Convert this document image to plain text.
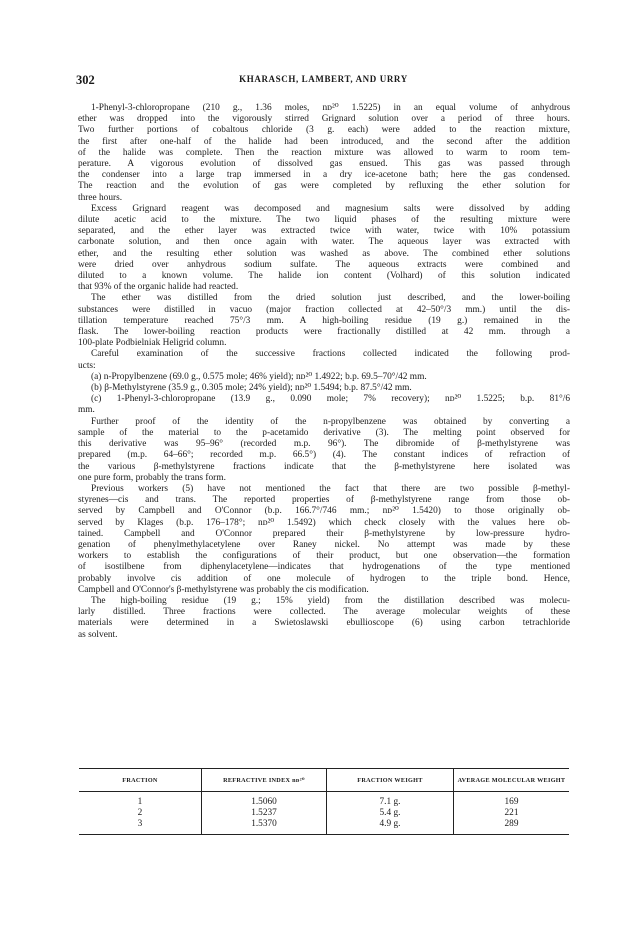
302	KHARASCH, LAMBERT, AND URRY
1-Phenyl-3-chloropropane (210 g., 1.36 moles, nᴅ²⁰ 1.5225) in an equal volume of anhydrous
ether was dropped into the vigorously stirred Grignard solution over a period of three hours.
Two further portions of cobaltous chloride (3 g. each) were added to the reaction mixture,
the first after one-half of the halide had been introduced, and the second after the addition
of the halide was complete. Then the reaction mixture was allowed to warm to room tem-
perature. A vigorous evolution of dissolved gas ensued. This gas was passed through
the condenser into a large trap immersed in a dry ice-acetone bath; here the gas condensed.
The reaction and the evolution of gas were completed by refluxing the ether solution for
three hours.
Excess Grignard reagent was decomposed and magnesium salts were dissolved by adding
dilute acetic acid to the mixture. The two liquid phases of the resulting mixture were
separated, and the ether layer was extracted twice with water, twice with 10% potassium
carbonate solution, and then once again with water. The aqueous layer was extracted with
ether, and the resulting ether solution was washed as above. The combined ether solutions
were dried over anhydrous sodium sulfate. The aqueous extracts were combined and
diluted to a known volume. The halide ion content (Volhard) of this solution indicated
that 93% of the organic halide had reacted.
The ether was distilled from the dried solution just described, and the lower-boiling
substances were distilled in vacuo (major fraction collected at 42–50°/3 mm.) until the dis-
tillation temperature reached 75°/3 mm. A high-boiling residue (19 g.) remained in the
flask. The lower-boiling reaction products were fractionally distilled at 42 mm. through a
100-plate Podbielniak Heligrid column.
Careful examination of the successive fractions collected indicated the following prod-
ucts:
(a) n-Propylbenzene (69.0 g., 0.575 mole; 46% yield); nᴅ²⁰ 1.4922; b.p. 69.5–70°/42 mm.
(b) β-Methylstyrene (35.9 g., 0.305 mole; 24% yield); nᴅ²⁰ 1.5494; b.p. 87.5°/42 mm.
(c) 1-Phenyl-3-chloropropane (13.9 g., 0.090 mole; 7% recovery); nᴅ²⁰ 1.5225; b.p. 81°/6
mm.
Further proof of the identity of the n-propylbenzene was obtained by converting a
sample of the material to the p-acetamido derivative (3). The melting point observed for
this derivative was 95–96° (recorded m.p. 96°). The dibromide of β-methylstyrene was
prepared (m.p. 64–66°; recorded m.p. 66.5°) (4). The constant indices of refraction of
the various β-methylstyrene fractions indicate that the β-methylstyrene here isolated was
one pure form, probably the trans form.
Previous workers (5) have not mentioned the fact that there are two possible β-methyl-
styrenes—cis and trans. The reported properties of β-methylstyrene range from those ob-
served by Campbell and O'Connor (b.p. 166.7°/746 mm.; nᴅ²⁰ 1.5420) to those originally ob-
served by Klages (b.p. 176–178°; nᴅ²⁰ 1.5492) which check closely with the values here ob-
tained. Campbell and O'Connor prepared their β-methylstyrene by low-pressure hydro-
genation of phenylmethylacetylene over Raney nickel. No attempt was made by these
workers to establish the configurations of their product, but one observation—the formation
of isostilbene from diphenylacetylene—indicates that hydrogenations of the type mentioned
probably involve cis addition of one molecule of hydrogen to the triple bond. Hence,
Campbell and O'Connor's β-methylstyrene was probably the cis modification.
The high-boiling residue (19 g.; 15% yield) from the distillation described was molecu-
larly distilled. Three fractions were collected. The average molecular weights of these
materials were determined in a Swietoslawski ebullioscope (6) using carbon tetrachloride
as solvent.
FRACTION	REFRACTIVE INDEX nᴅ²⁰	FRACTION WEIGHT	AVERAGE MOLECULAR WEIGHT
1	1.5060	7.1 g.	169
2	1.5237	5.4 g.	221
3	1.5370	4.9 g.	289
